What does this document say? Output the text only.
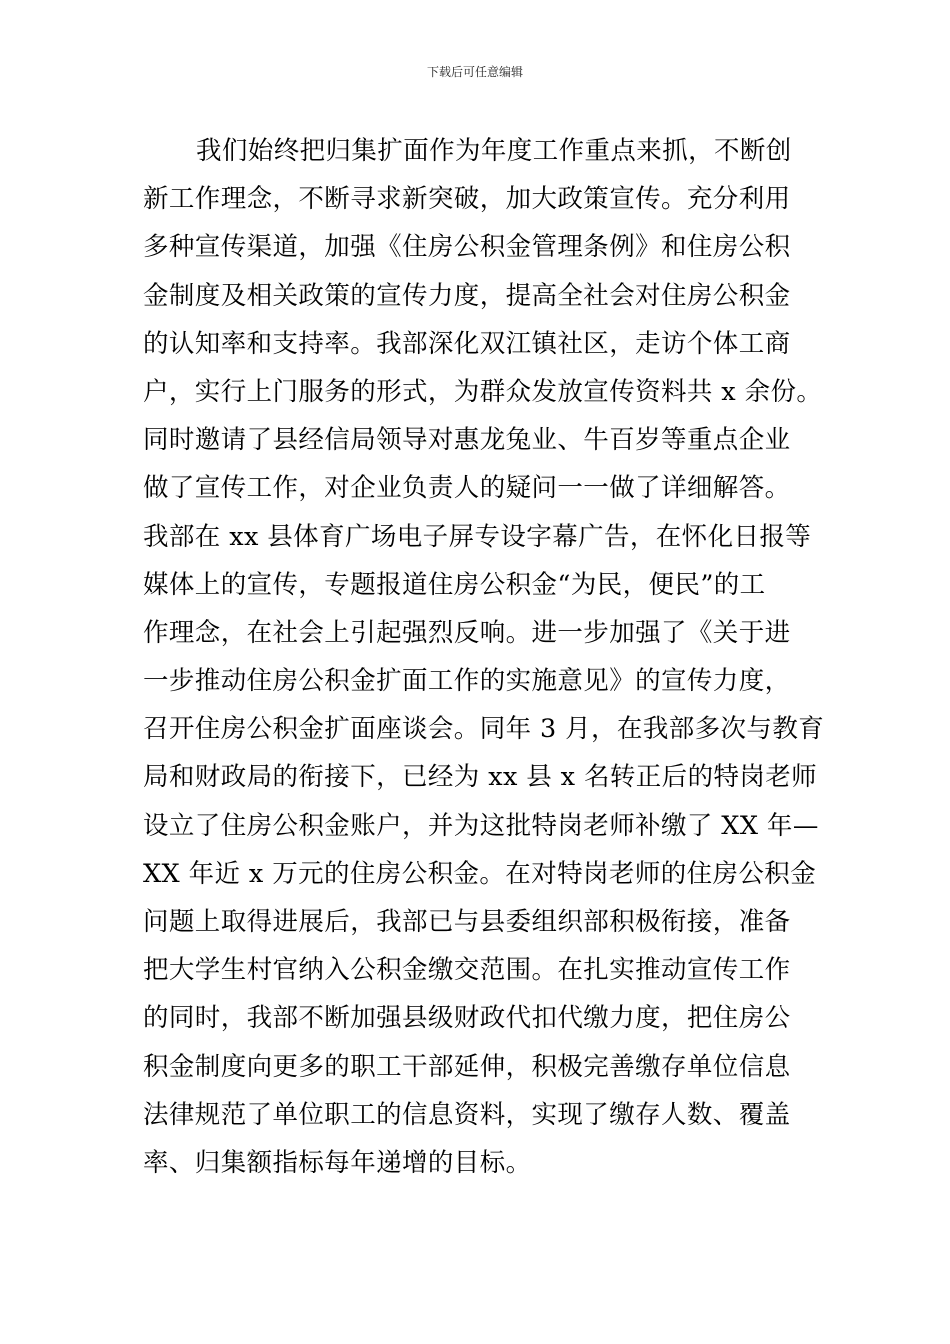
下载后可任意编辑
我们始终把归集扩面作为年度工作重点来抓，不断创
新工作理念，不断寻求新突破，加大政策宣传。充分利用
多种宣传渠道，加强《住房公积金管理条例》和住房公积
金制度及相关政策的宣传力度，提高全社会对住房公积金
的认知率和支持率。我部深化双江镇社区，走访个体工商
户，实行上门服务的形式，为群众发放宣传资料共 x 余份。
同时邀请了县经信局领导对惠龙兔业、牛百岁等重点企业
做了宣传工作，对企业负责人的疑问一一做了详细解答。
我部在 xx 县体育广场电子屏专设字幕广告，在怀化日报等
媒体上的宣传，专题报道住房公积金“为民，便民”的工
作理念，在社会上引起强烈反响。进一步加强了《关于进
一步推动住房公积金扩面工作的实施意见》的宣传力度，
召开住房公积金扩面座谈会。同年 3 月，在我部多次与教育
局和财政局的衔接下，已经为 xx 县 x 名转正后的特岗老师
设立了住房公积金账户，并为这批特岗老师补缴了 XX 年—
XX 年近 x 万元的住房公积金。在对特岗老师的住房公积金
问题上取得进展后，我部已与县委组织部积极衔接，准备
把大学生村官纳入公积金缴交范围。在扎实推动宣传工作
的同时，我部不断加强县级财政代扣代缴力度，把住房公
积金制度向更多的职工干部延伸，积极完善缴存单位信息
法律规范了单位职工的信息资料，实现了缴存人数、覆盖
率、归集额指标每年递增的目标。
